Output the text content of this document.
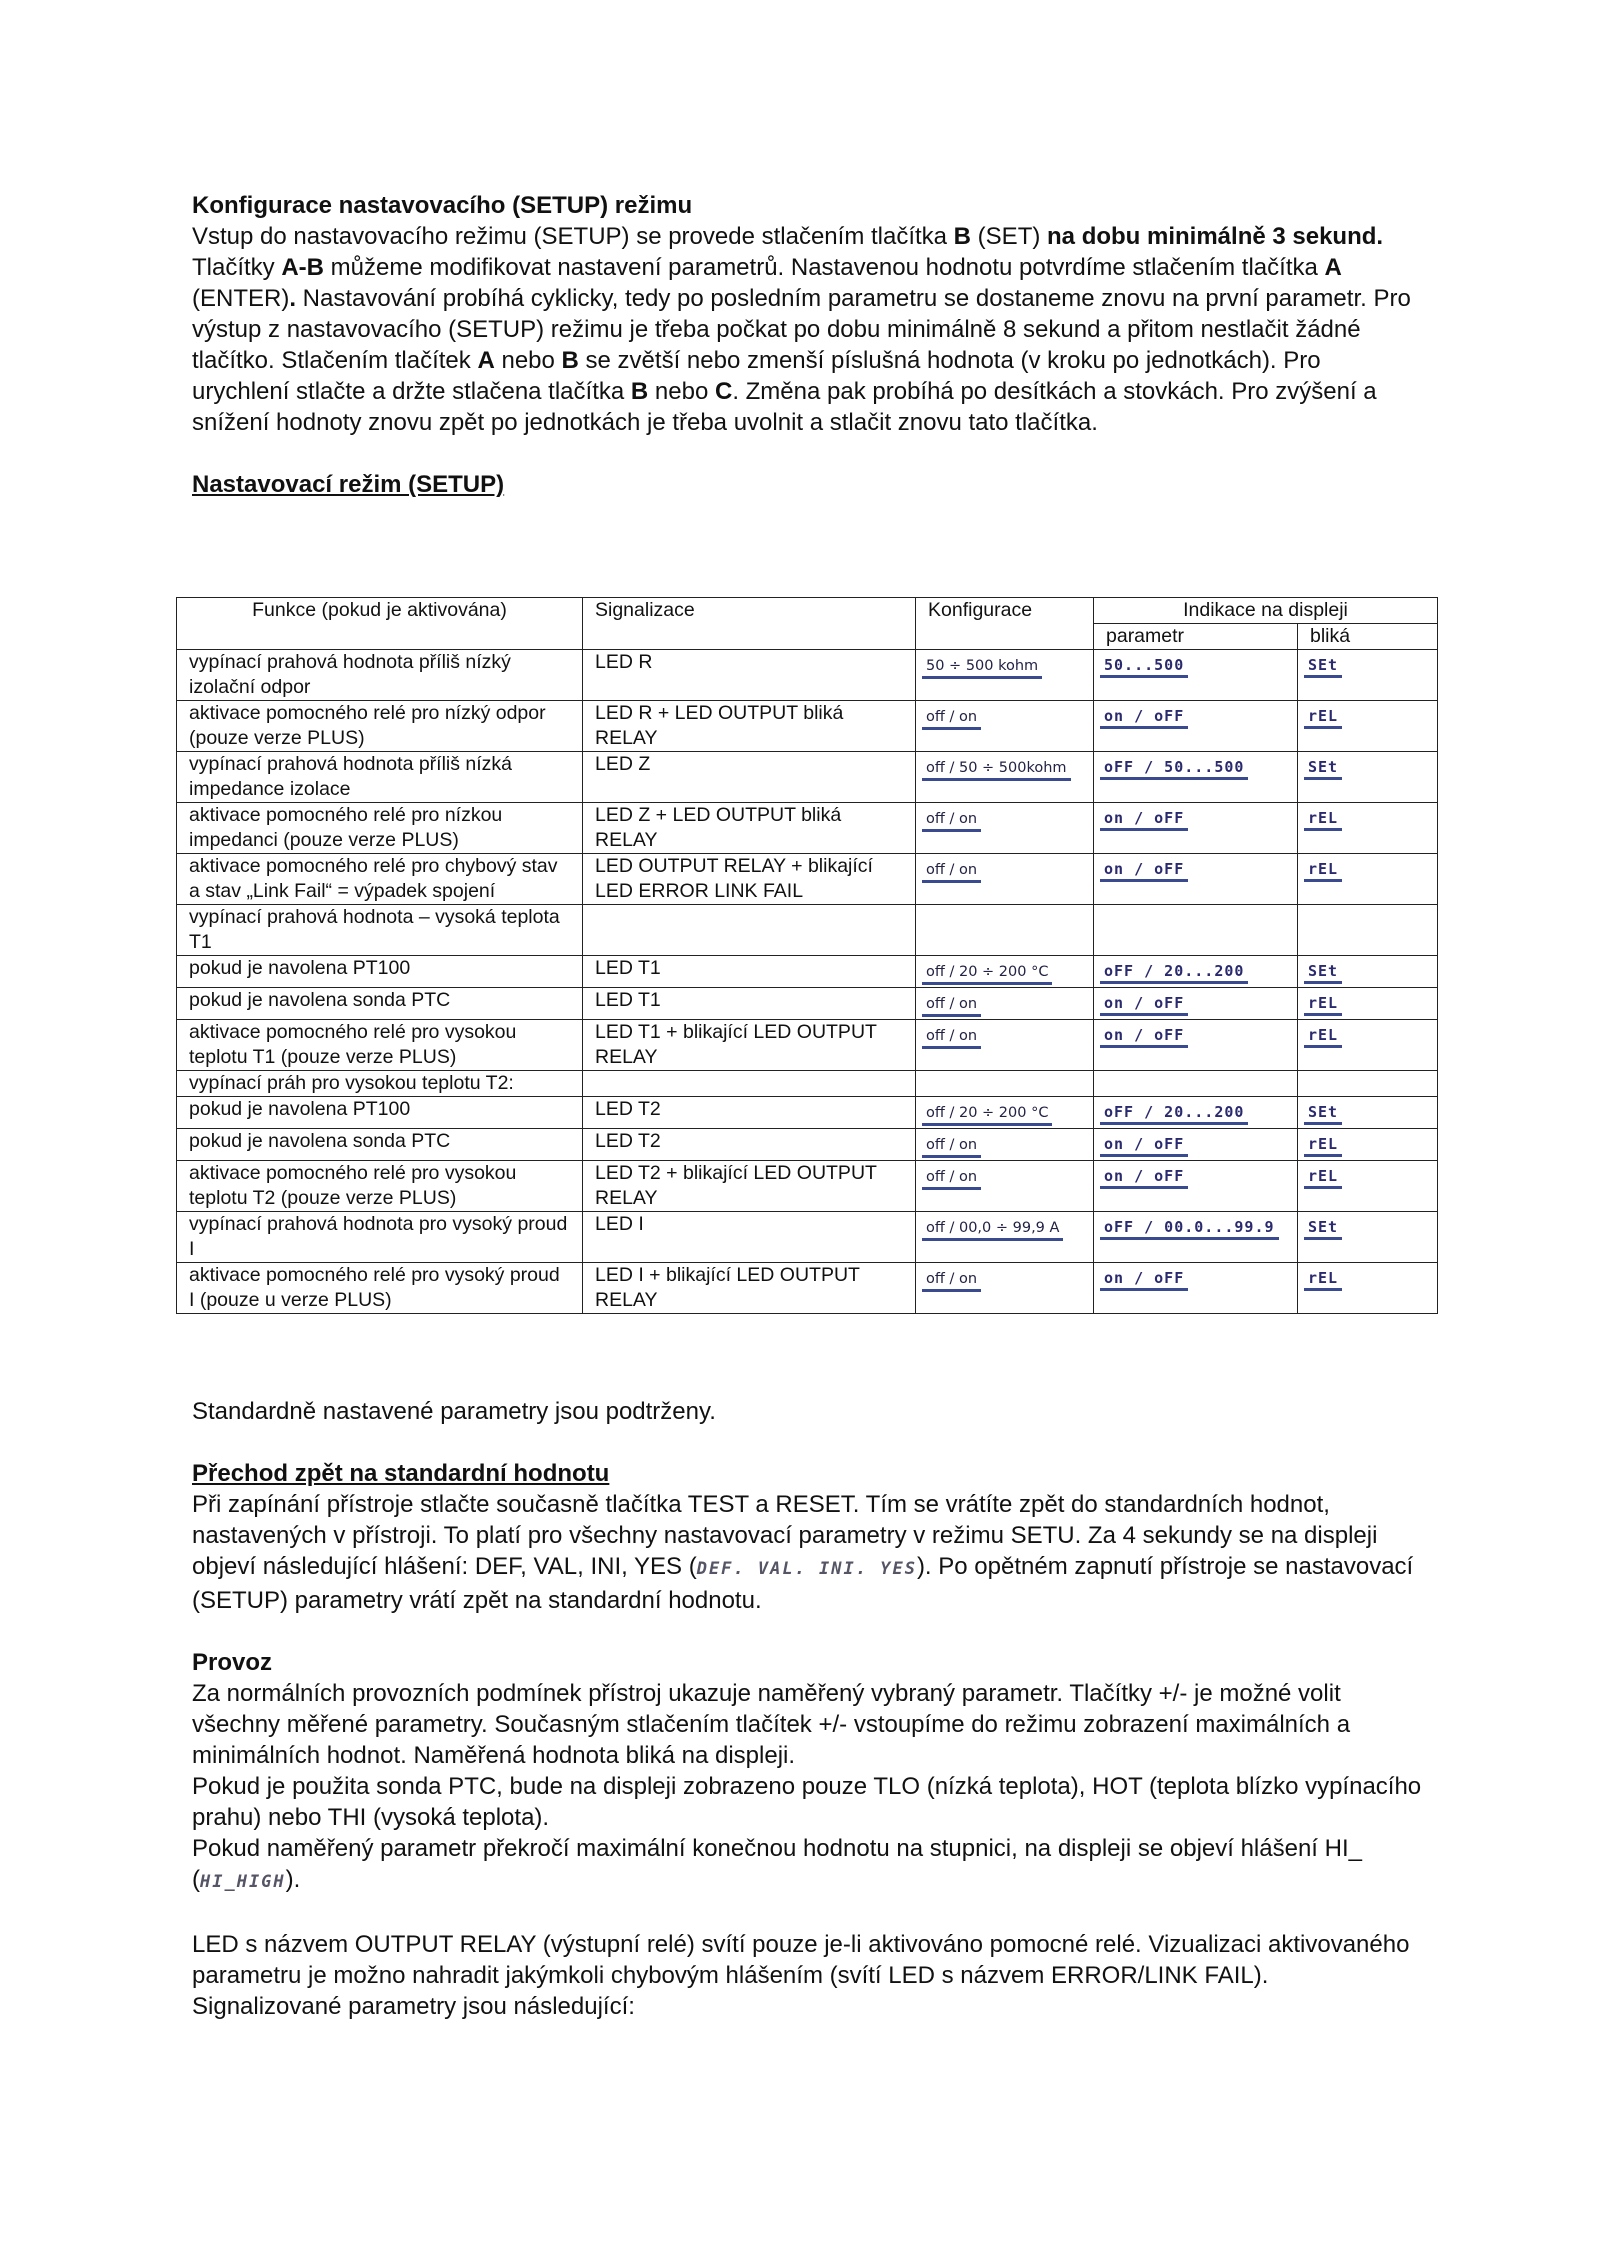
Konfigurace nastavovacího (SETUP) režimu

Vstup do nastavovacího režimu (SETUP) se provede stlačením tlačítka B (SET) na dobu minimálně 3 sekund.

Tlačítky A-B můžeme modifikovat nastavení parametrů. Nastavenou hodnotu potvrdíme stlačením tlačítka A (ENTER). Nastavování probíhá cyklicky, tedy po posledním parametru se dostaneme znovu na první parametr. Pro výstup z nastavovacího (SETUP) režimu je třeba počkat po dobu minimálně 8 sekund a přitom nestlačit žádné tlačítko. Stlačením tlačítek A nebo B se zvětší nebo zmenší píslušná hodnota (v kroku po jednotkách). Pro urychlení stlačte a držte stlačena tlačítka B nebo C. Změna pak probíhá po desítkách a stovkách. Pro zvýšení a snížení hodnoty znovu zpět po jednotkách je třeba uvolnit a stlačit znovu tato tlačítka.

Nastavovací režim (SETUP)

Funkce (pokud je aktivována)	Signalizace	Konfigurace	Indikace na displeji	
			parametr	bliká
vypínací prahová hodnota příliš nízký izolační odpor	LED R	50 ÷ 500 kohm	50...500	SEt
aktivace pomocného relé pro nízký odpor (pouze verze PLUS)	LED R + LED OUTPUT bliká RELAY	off / on	on / oFF	rEL
vypínací prahová hodnota příliš nízká impedance izolace	LED Z	off / 50 ÷ 500kohm	oFF / 50...500	SEt
aktivace pomocného relé pro nízkou impedanci (pouze verze PLUS)	LED Z + LED OUTPUT bliká RELAY	off / on	on / oFF	rEL
aktivace pomocného relé pro chybový stav a stav „Link Fail“ = výpadek spojení	LED OUTPUT RELAY + blikající LED ERROR LINK FAIL	off / on	on / oFF	rEL
vypínací prahová hodnota – vysoká teplota T1				
pokud je navolena PT100	LED T1	off / 20 ÷ 200 °C	oFF / 20...200	SEt
pokud je navolena sonda PTC	LED T1	off / on	on / oFF	rEL
aktivace pomocného relé pro vysokou teplotu T1 (pouze verze PLUS)	LED T1 + blikající LED OUTPUT RELAY	off / on	on / oFF	rEL
vypínací práh pro vysokou teplotu T2:				
pokud je navolena PT100	LED T2	off / 20 ÷ 200 °C	oFF / 20...200	SEt
pokud je navolena sonda PTC	LED T2	off / on	on / oFF	rEL
aktivace pomocného relé pro vysokou teplotu T2 (pouze verze PLUS)	LED T2 + blikající LED OUTPUT RELAY	off / on	on / oFF	rEL
vypínací prahová hodnota pro vysoký proud I	LED I	off / 00,0 ÷ 99,9 A	oFF / 00.0...99.9	SEt
aktivace pomocného relé pro vysoký proud I (pouze u verze PLUS)	LED I + blikající LED OUTPUT RELAY	off / on	on / oFF	rEL

Standardně nastavené parametry jsou podtrženy.

Přechod zpět na standardní hodnotu

Při zapínání přístroje stlačte současně tlačítka TEST a RESET. Tím se vrátíte zpět do standardních hodnot, nastavených v přístroji. To platí pro všechny nastavovací parametry v režimu SETU. Za 4 sekundy se na displeji objeví následující hlášení: DEF, VAL, INI, YES (DEF. VAL. INI. YES). Po opětném zapnutí přístroje se nastavovací (SETUP) parametry vrátí zpět na standardní hodnotu.

Provoz

Za normálních provozních podmínek přístroj ukazuje naměřený vybraný parametr. Tlačítky +/- je možné volit všechny měřené parametry. Současným stlačením tlačítek +/- vstoupíme do režimu zobrazení maximálních a minimálních hodnot. Naměřená hodnota bliká na displeji.

Pokud je použita sonda PTC, bude na displeji zobrazeno pouze TLO (nízká teplota), HOT (teplota blízko vypínacího prahu) nebo THI (vysoká teplota).

Pokud naměřený parametr překročí maximální konečnou hodnotu na stupnici, na displeji se objeví hlášení HI_ (HI_HIGH).

LED s názvem OUTPUT RELAY (výstupní relé) svítí pouze je-li aktivováno pomocné relé. Vizualizaci aktivovaného parametru je možno nahradit jakýmkoli chybovým hlášením (svítí LED s názvem ERROR/LINK FAIL). Signalizované parametry jsou následující:
